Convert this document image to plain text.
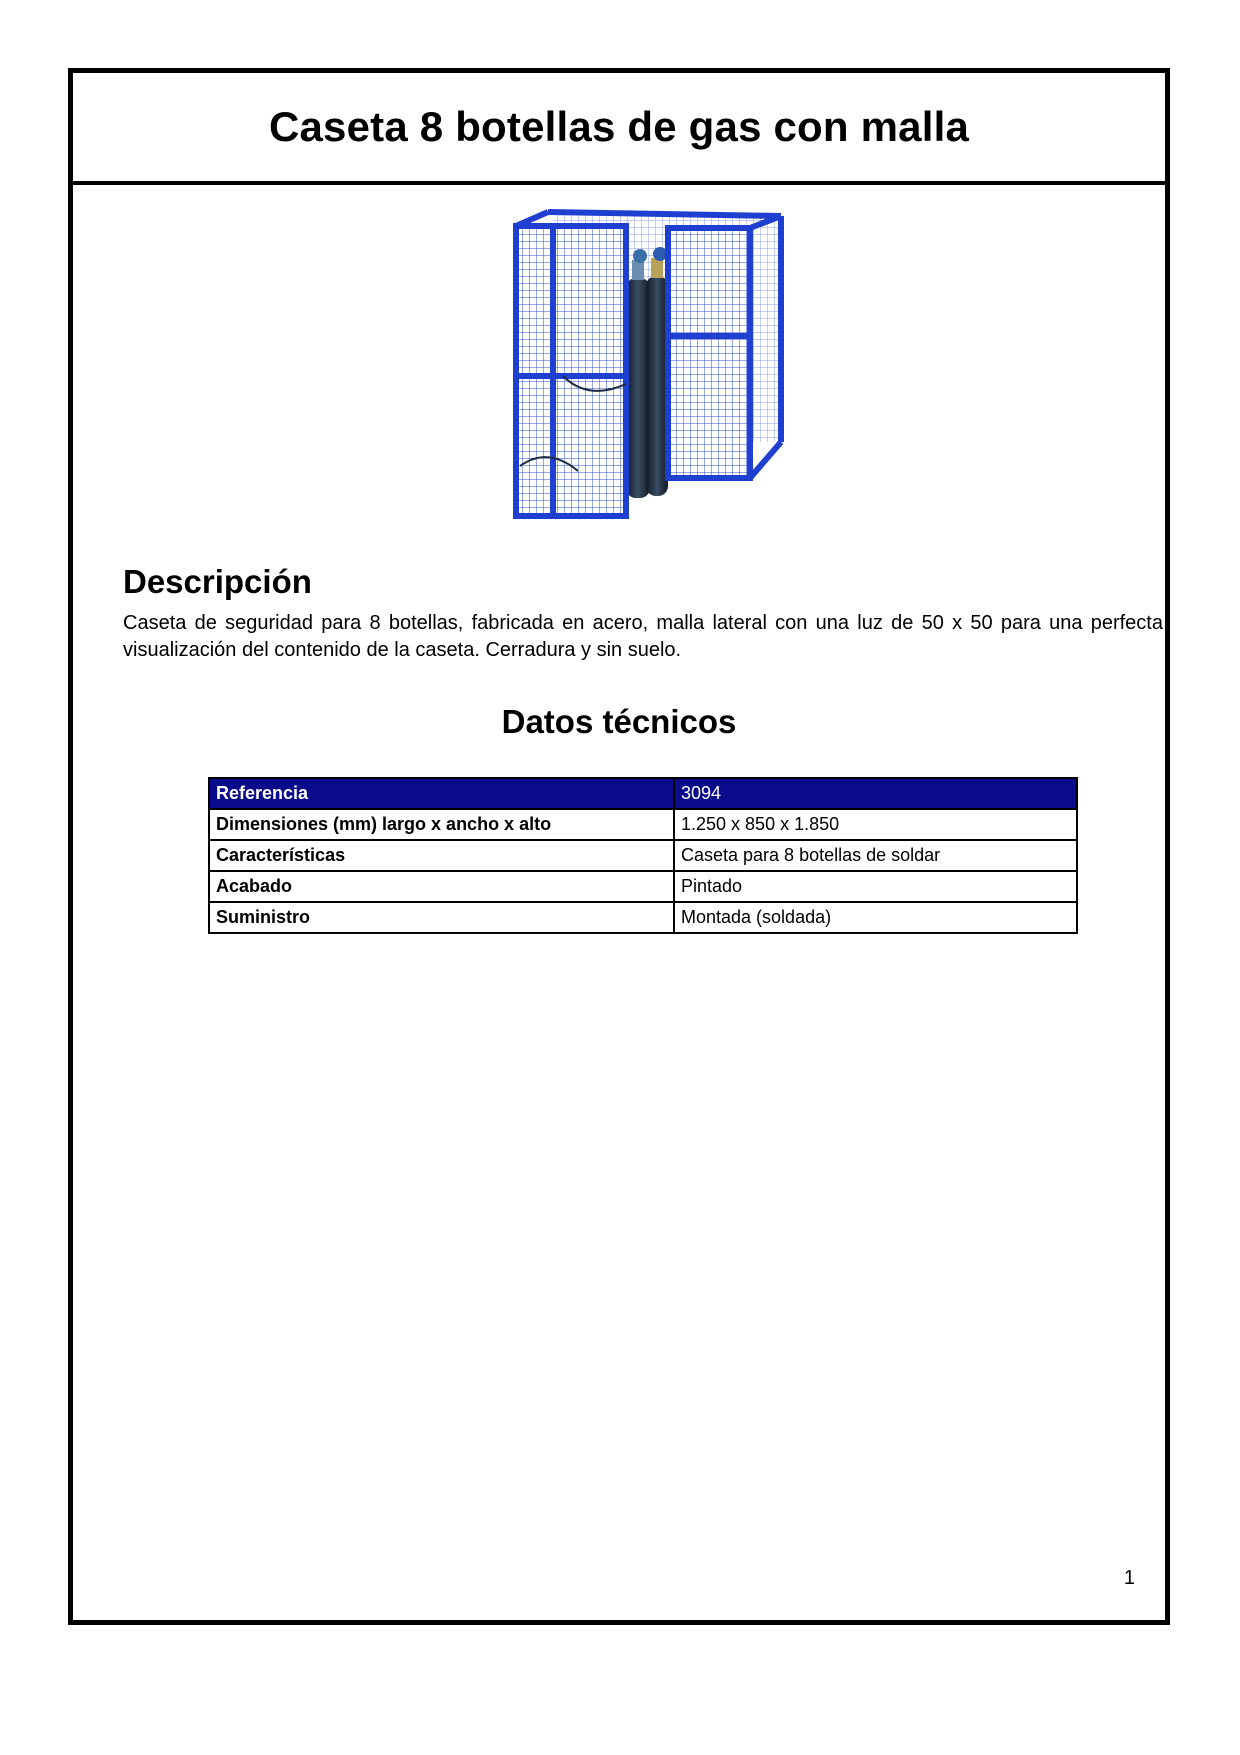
Caseta 8 botellas de gas con malla
Descripción

Caseta de seguridad para 8 botellas, fabricada en acero, malla lateral con una luz de 50 x 50 para una perfecta visualización del contenido de la caseta. Cerradura y sin suelo.

Datos técnicos
Referencia	3094
Dimensiones (mm) largo x ancho x alto	1.250 x 850 x 1.850
Características	Caseta para 8 botellas de soldar
Acabado	Pintado
Suministro	Montada (soldada)
1
